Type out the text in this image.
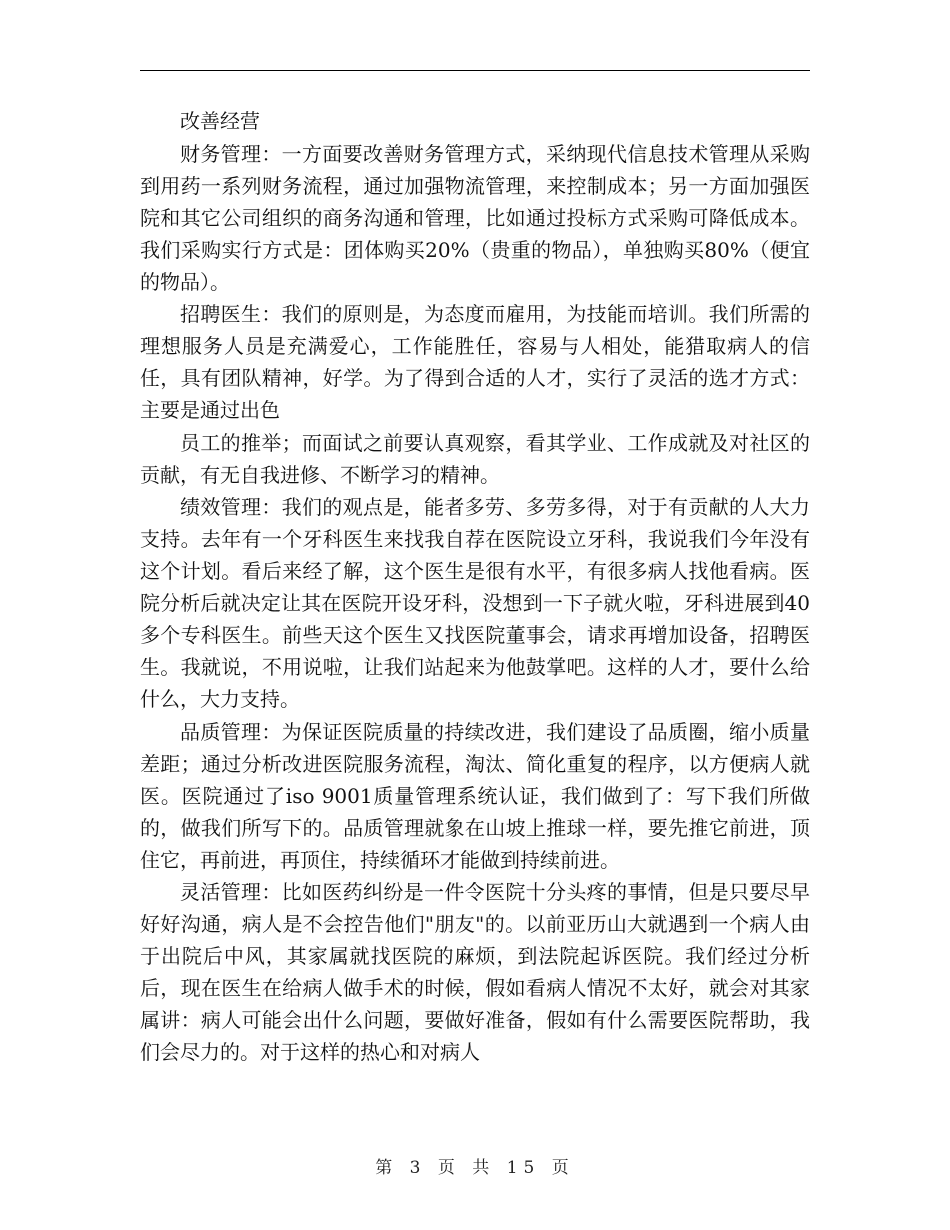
改善经营

财务管理：一方面要改善财务管理方式，采纳现代信息技术管理从采购到用药一系列财务流程，通过加强物流管理，来控制成本；另一方面加强医院和其它公司组织的商务沟通和管理，比如通过投标方式采购可降低成本。我们采购实行方式是：团体购买20%（贵重的物品），单独购买80%（便宜的物品）。

招聘医生：我们的原则是，为态度而雇用，为技能而培训。我们所需的理想服务人员是充满爱心，工作能胜任，容易与人相处，能猎取病人的信任，具有团队精神，好学。为了得到合适的人才，实行了灵活的选才方式：主要是通过出色

员工的推举；而面试之前要认真观察，看其学业、工作成就及对社区的贡献，有无自我进修、不断学习的精神。

绩效管理：我们的观点是，能者多劳、多劳多得，对于有贡献的人大力支持。去年有一个牙科医生来找我自荐在医院设立牙科，我说我们今年没有这个计划。看后来经了解，这个医生是很有水平，有很多病人找他看病。医院分析后就决定让其在医院开设牙科，没想到一下子就火啦，牙科进展到40多个专科医生。前些天这个医生又找医院董事会，请求再增加设备，招聘医生。我就说，不用说啦，让我们站起来为他鼓掌吧。这样的人才，要什么给什么，大力支持。

品质管理：为保证医院质量的持续改进，我们建设了品质圈，缩小质量差距；通过分析改进医院服务流程，淘汰、简化重复的程序，以方便病人就医。医院通过了iso 9001质量管理系统认证，我们做到了：写下我们所做的，做我们所写下的。品质管理就象在山坡上推球一样，要先推它前进，顶住它，再前进，再顶住，持续循环才能做到持续前进。

灵活管理：比如医药纠纷是一件令医院十分头疼的事情，但是只要尽早好好沟通，病人是不会控告他们"朋友"的。以前亚历山大就遇到一个病人由于出院后中风，其家属就找医院的麻烦，到法院起诉医院。我们经过分析后，现在医生在给病人做手术的时候，假如看病人情况不太好，就会对其家属讲：病人可能会出什么问题，要做好准备，假如有什么需要医院帮助，我们会尽力的。对于这样的热心和对病人

第 3 页 共 15 页
